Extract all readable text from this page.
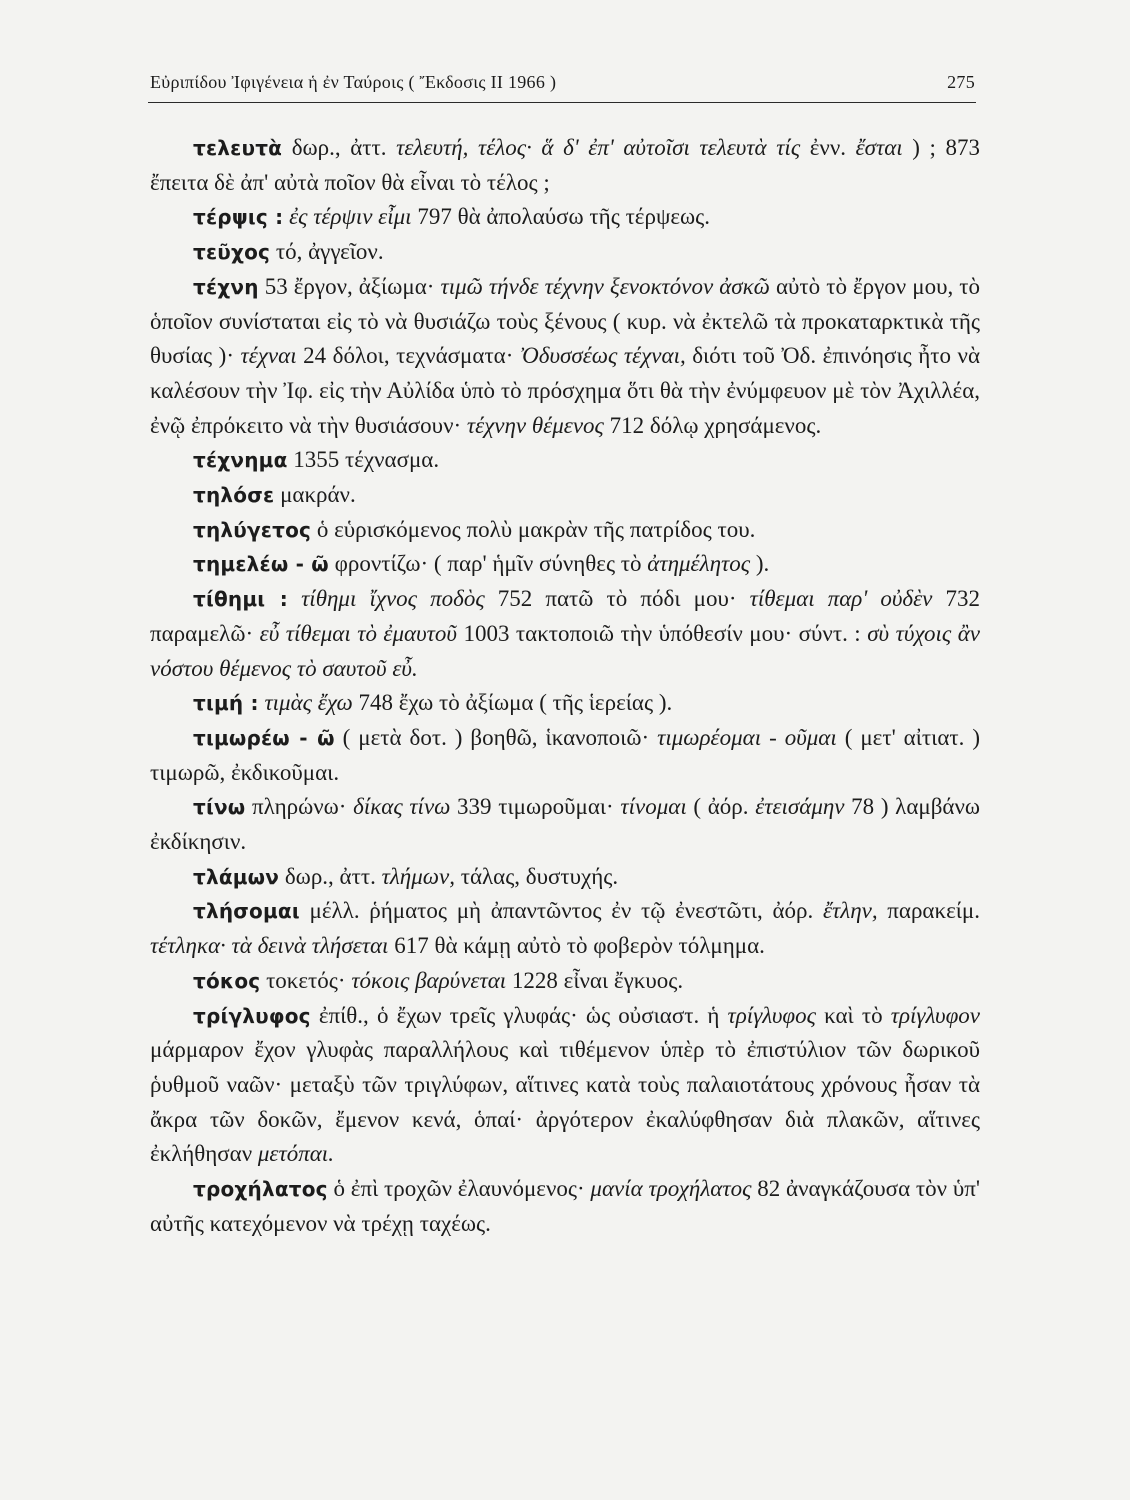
Εὐριπίδου Ἰφιγένεια ἡ ἐν Ταύροις ( Ἔκδοσις ΙΙ 1966 )	275

τελευτὰ δωρ., ἀττ. τελευτή, τέλος· ἅ δ' ἐπ' αὐτοῖσι τελευτὰ τίς ἐνν. ἔσται ) ; 873 ἔπειτα δὲ ἀπ' αὐτὰ ποῖον θὰ εἶναι τὸ τέλος ;

τέρψις : ἐς τέρψιν εἶμι 797 θὰ ἀπολαύσω τῆς τέρψεως.

τεῦχος τό, ἀγγεῖον.

τέχνη 53 ἔργον, ἀξίωμα· τιμῶ τήνδε τέχνην ξενοκτόνον ἀσκῶ αὐτὸ τὸ ἔργον μου, τὸ ὁποῖον συνίσταται εἰς τὸ νὰ θυσιάζω τοὺς ξένους ( κυρ. νὰ ἐκτελῶ τὰ προκαταρκτικὰ τῆς θυσίας )· τέχναι 24 δόλοι, τεχνάσματα· Ὀδυσσέως τέχναι, διότι τοῦ Ὀδ. ἐπινόησις ἦτο νὰ καλέσουν τὴν Ἰφ. εἰς τὴν Αὐλίδα ὑπὸ τὸ πρόσχημα ὅτι θὰ τὴν ἐνύμφευον μὲ τὸν Ἀχιλλέα, ἐνῷ ἐπρόκειτο νὰ τὴν θυσιάσουν· τέχνην θέμενος 712 δόλῳ χρησάμενος.

τέχνημα 1355 τέχνασμα.

τηλόσε μακράν.

τηλύγετος ὁ εὑρισκόμενος πολὺ μακρὰν τῆς πατρίδος του.

τημελέω - ῶ φροντίζω· ( παρ' ἡμῖν σύνηθες τὸ ἀτημέλητος ).

τίθημι : τίθημι ἴχνος ποδὸς 752 πατῶ τὸ πόδι μου· τίθεμαι παρ' οὐδὲν 732 παραμελῶ· εὖ τίθεμαι τὸ ἐμαυτοῦ 1003 τακτοποιῶ τὴν ὑπόθεσίν μου· σύντ. : σὺ τύχοις ἂν νόστου θέμενος τὸ σαυτοῦ εὖ.

τιμή : τιμὰς ἔχω 748 ἔχω τὸ ἀξίωμα ( τῆς ἱερείας ).

τιμωρέω - ῶ ( μετὰ δοτ. ) βοηθῶ, ἱκανοποιῶ· τιμωρέομαι - οῦμαι ( μετ' αἰτιατ. ) τιμωρῶ, ἐκδικοῦμαι.

τίνω πληρώνω· δίκας τίνω 339 τιμωροῦμαι· τίνομαι ( ἀόρ. ἐτεισάμην 78 ) λαμβάνω ἐκδίκησιν.

τλάμων δωρ., ἀττ. τλήμων, τάλας, δυστυχής.

τλήσομαι μέλλ. ῥήματος μὴ ἀπαντῶντος ἐν τῷ ἐνεστῶτι, ἀόρ. ἔτλην, παρακείμ. τέτληκα· τὰ δεινὰ τλήσεται 617 θὰ κάμῃ αὐτὸ τὸ φοβερὸν τόλμημα.

τόκος τοκετός· τόκοις βαρύνεται 1228 εἶναι ἔγκυος.

τρίγλυφος ἐπίθ., ὁ ἔχων τρεῖς γλυφάς· ὡς οὐσιαστ. ἡ τρίγλυφος καὶ τὸ τρίγλυφον μάρμαρον ἔχον γλυφὰς παραλλήλους καὶ τιθέμενον ὑπὲρ τὸ ἐπιστύλιον τῶν δωρικοῦ ῥυθμοῦ ναῶν· μεταξὺ τῶν τριγλύφων, αἵτινες κατὰ τοὺς παλαιοτάτους χρόνους ἦσαν τὰ ἄκρα τῶν δοκῶν, ἔμενον κενά, ὁπαί· ἀργότερον ἐκαλύφθησαν διὰ πλακῶν, αἵτινες ἐκλήθησαν μετόπαι.

τροχήλατος ὁ ἐπὶ τροχῶν ἐλαυνόμενος· μανία τροχήλατος 82 ἀναγκάζουσα τὸν ὑπ' αὐτῆς κατεχόμενον νὰ τρέχῃ ταχέως.
